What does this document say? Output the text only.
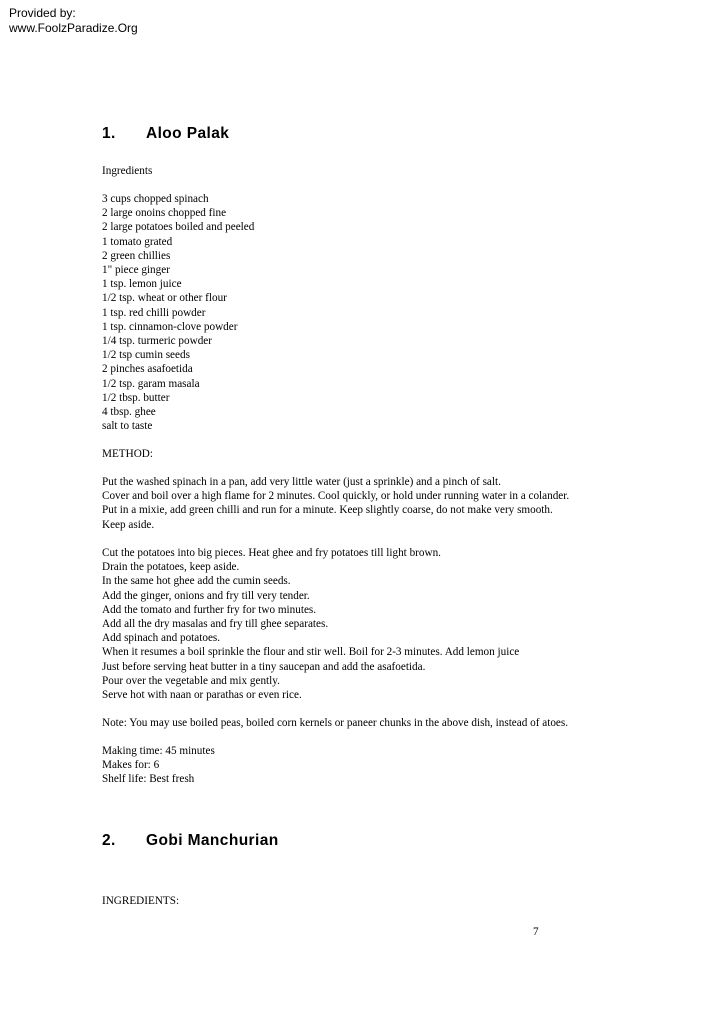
Provided by:
www.FoolzParadize.Org
1. Aloo Palak
Ingredients
3 cups chopped spinach
2 large onoins chopped fine
2 large potatoes boiled and peeled
1 tomato grated
2 green chillies
1" piece ginger
1 tsp. lemon juice
1/2 tsp. wheat or other flour
1 tsp. red chilli powder
1 tsp. cinnamon-clove powder
1/4 tsp. turmeric powder
1/2 tsp cumin seeds
2 pinches asafoetida
1/2 tsp. garam masala
1/2 tbsp. butter
4 tbsp. ghee
salt to taste
METHOD:
Put the washed spinach in a pan, add very little water (just a sprinkle) and a pinch of salt.
Cover and boil over a high flame for 2 minutes. Cool quickly, or hold under running water in a colander.
Put in a mixie, add green chilli and run for a minute. Keep slightly coarse, do not make very smooth.
Keep aside.
Cut the potatoes into big pieces. Heat ghee and fry potatoes till light brown.
Drain the potatoes, keep aside.
In the same hot ghee add the cumin seeds.
Add the ginger, onions and fry till very tender.
Add the tomato and further fry for two minutes.
Add all the dry masalas and fry till ghee separates.
Add spinach and potatoes.
When it resumes a boil sprinkle the flour and stir well. Boil for 2-3 minutes. Add lemon juice
Just before serving heat butter in a tiny saucepan and add the asafoetida.
Pour over the vegetable and mix gently.
Serve hot with naan or parathas or even rice.
Note: You may use boiled peas, boiled corn kernels or paneer chunks in the above dish, instead of atoes.
Making time: 45 minutes
Makes for: 6
Shelf life: Best fresh
2. Gobi Manchurian
INGREDIENTS:
7
